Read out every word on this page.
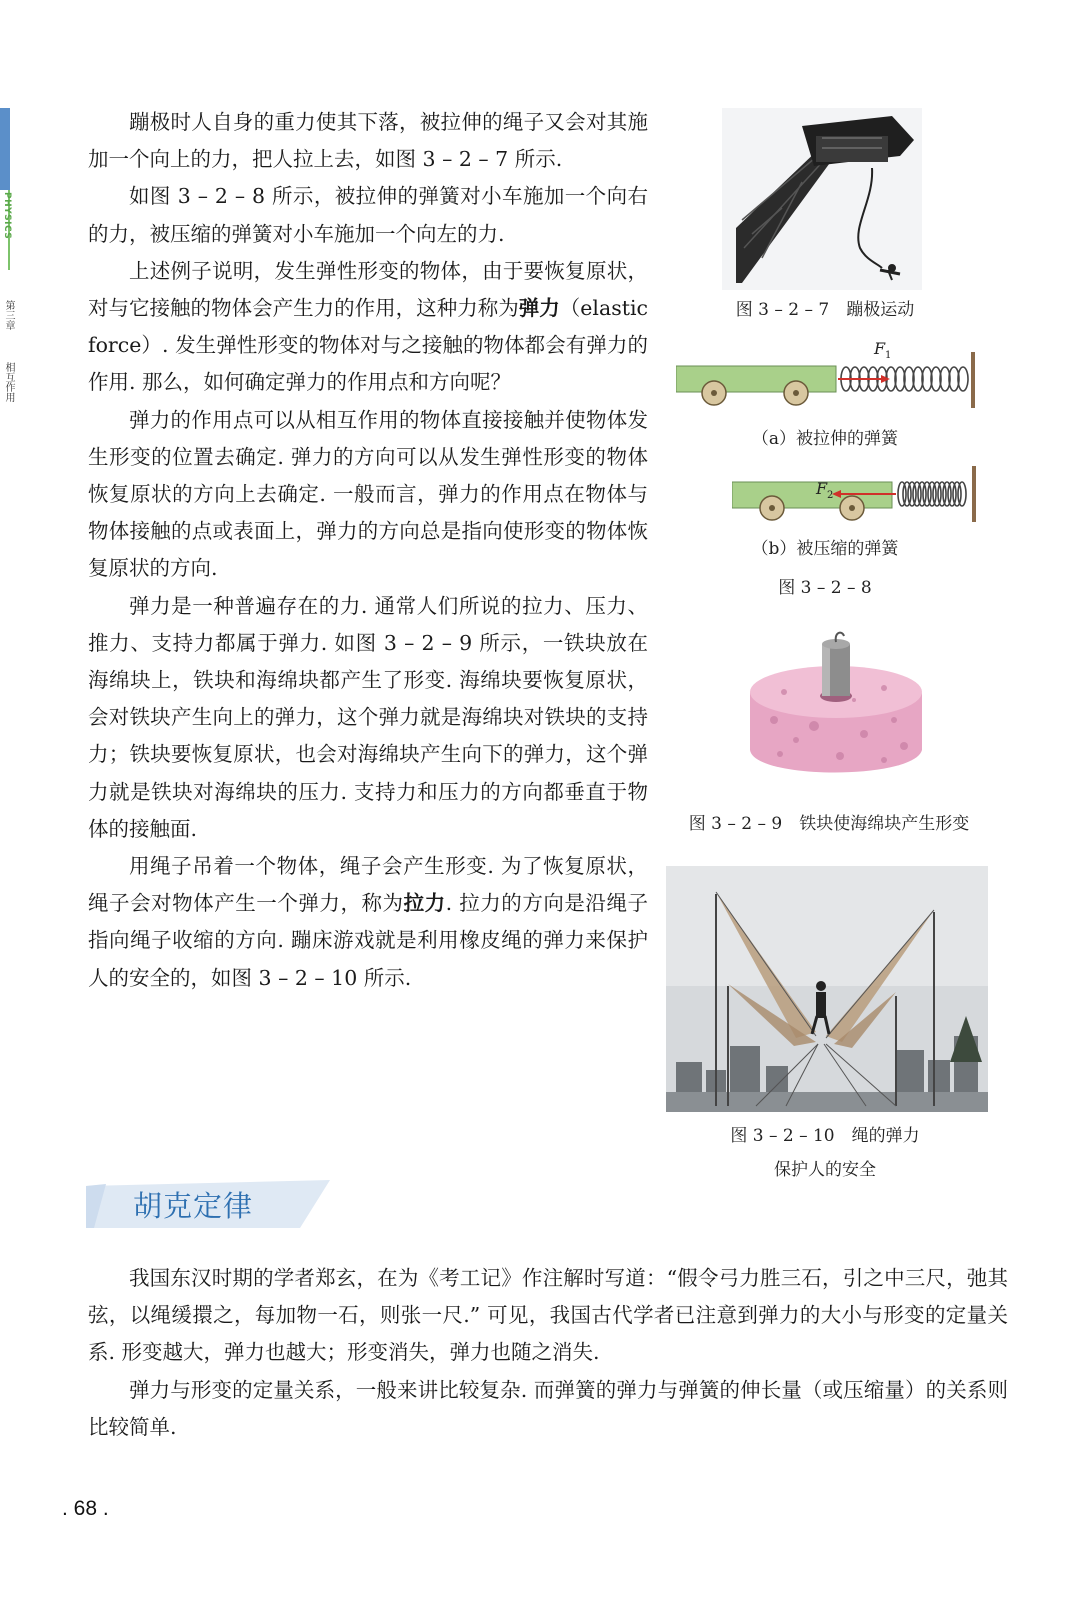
PHYSICS
第三章
相互作用

蹦极时人自身的重力使其下落，被拉伸的绳子又会对其施加一个向上的力，把人拉上去，如图 3 – 2 – 7 所示.

如图 3 – 2 – 8 所示，被拉伸的弹簧对小车施加一个向右的力，被压缩的弹簧对小车施加一个向左的力.

上述例子说明，发生弹性形变的物体，由于要恢复原状，对与它接触的物体会产生力的作用，这种力称为弹力（elastic force）. 发生弹性形变的物体对与之接触的物体都会有弹力的作用. 那么，如何确定弹力的作用点和方向呢？

弹力的作用点可以从相互作用的物体直接接触并使物体发生形变的位置去确定. 弹力的方向可以从发生弹性形变的物体恢复原状的方向上去确定. 一般而言，弹力的作用点在物体与物体接触的点或表面上，弹力的方向总是指向使形变的物体恢复原状的方向.

弹力是一种普遍存在的力. 通常人们所说的拉力、压力、推力、支持力都属于弹力. 如图 3 – 2 – 9 所示，一铁块放在海绵块上，铁块和海绵块都产生了形变. 海绵块要恢复原状，会对铁块产生向上的弹力，这个弹力就是海绵块对铁块的支持力；铁块要恢复原状，也会对海绵块产生向下的弹力，这个弹力就是铁块对海绵块的压力. 支持力和压力的方向都垂直于物体的接触面.

用绳子吊着一个物体，绳子会产生形变. 为了恢复原状，绳子会对物体产生一个弹力，称为拉力. 拉力的方向是沿绳子指向绳子收缩的方向. 蹦床游戏就是利用橡皮绳的弹力来保护人的安全的，如图 3 – 2 – 10 所示.

图 3 – 2 – 7　蹦极运动
F 1
（a）被拉伸的弹簧
F 2
（b）被压缩的弹簧
图 3 – 2 – 8
图 3 – 2 – 9　铁块使海绵块产生形变
图 3 – 2 – 10　绳的弹力
保护人的安全
胡克定律

我国东汉时期的学者郑玄，在为《考工记》作注解时写道：“假令弓力胜三石，引之中三尺，弛其弦，以绳缓擐之，每加物一石，则张一尺.” 可见，我国古代学者已注意到弹力的大小与形变的定量关系. 形变越大，弹力也越大；形变消失，弹力也随之消失.

弹力与形变的定量关系，一般来讲比较复杂. 而弹簧的弹力与弹簧的伸长量（或压缩量）的关系则比较简单.

. 68 .
